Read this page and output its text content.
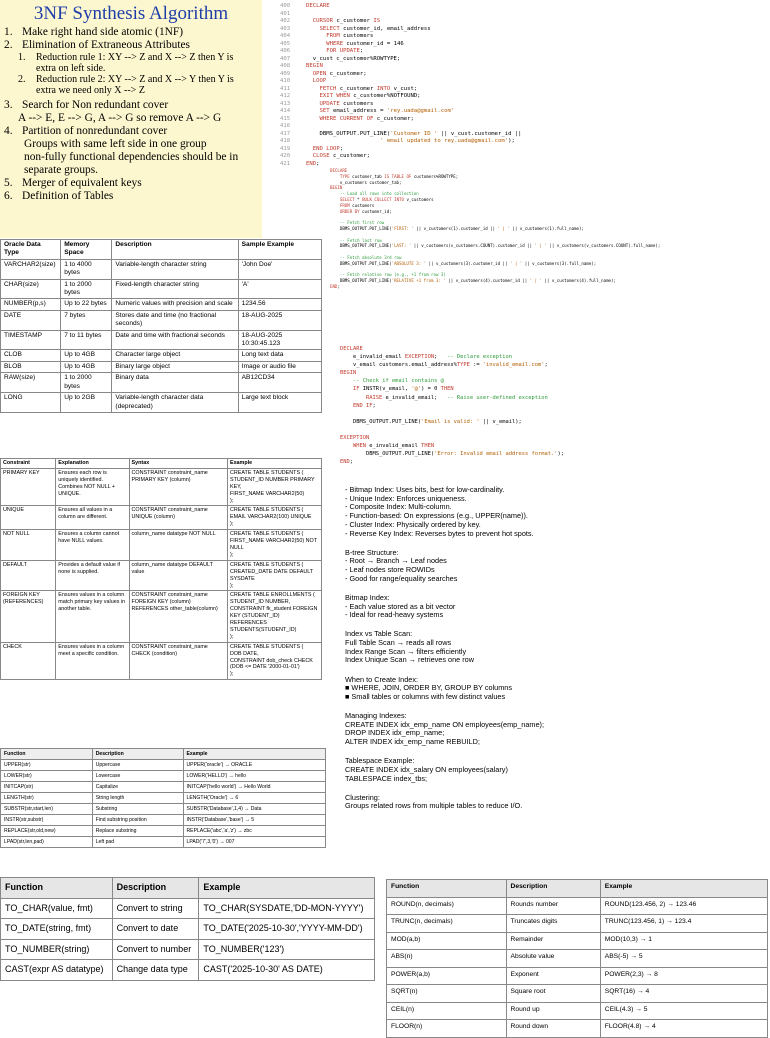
3NF Synthesis Algorithm
1. Make right hand side atomic (1NF)
2. Elimination of Extraneous Attributes
1.	Reduction rule 1: XY --> Z and X --> Z then Y is
extra on left side.
2.	Reduction rule 2: XY --> Z and X --> Y then Y is
extra we need only X --> Z
3. Search for Non redundant cover
A --> E, E --> G, A --> G so remove A --> G
4. Partition of nonredundant cover
Groups with same left side in one group
non-fully functional dependencies should be in
separate groups.
5. Merger of equivalent keys
6. Definition of Tables
400	DECLARE
401
402	CURSOR c_customer IS
403	SELECT customer_id, email_address
404	FROM customers
405	WHERE customer_id = 146
406	FOR UPDATE;
407	v_cust c_customer%ROWTYPE;
408	BEGIN
409	OPEN c_customer;
410	LOOP
411	FETCH c_customer INTO v_cust;
412	EXIT WHEN c_customer%NOTFOUND;
413	UPDATE customers
414	SET email_address = 'rey.uada@gmail.com'
415	WHERE CURRENT OF c_customer;
416
417	DBMS_OUTPUT.PUT_LINE('Customer ID ' || v_cust.customer_id ||
418	' email updated to rey.uada@gmail.com');
419	END LOOP;
420	CLOSE c_customer;
421	END;
DECLARE
TYPE customer_tab IS TABLE OF customers%ROWTYPE;
v_customers customer_tab;
BEGIN
-- Load all rows into collection
SELECT * BULK COLLECT INTO v_customers
FROM customers
ORDER BY customer_id;

-- Fetch first row
DBMS_OUTPUT.PUT_LINE('FIRST: ' || v_customers(1).customer_id || ' | ' || v_customers(1).full_name);

-- Fetch last row
DBMS_OUTPUT.PUT_LINE('LAST: ' || v_customers(v_customers.COUNT).customer_id || ' | ' || v_customers(v_customers.COUNT).full_name);

-- Fetch absolute 3rd row
DBMS_OUTPUT.PUT_LINE('ABSOLUTE 3: ' || v_customers(3).customer_id || ' | ' || v_customers(3).full_name);

-- Fetch relative row (e.g., +1 from row 3)
DBMS_OUTPUT.PUT_LINE('RELATIVE +1 from 3: ' || v_customers(4).customer_id || ' | ' || v_customers(4).full_name);
END;
DECLARE
e_invalid_email EXCEPTION;   -- Declare exception
v_email customers.email_address%TYPE := 'invalid_email.com';
BEGIN
-- Check if email contains @
IF INSTR(v_email, '@') = 0 THEN
RAISE e_invalid_email;   -- Raise user-defined exception
END IF;

DBMS_OUTPUT.PUT_LINE('Email is valid: ' || v_email);

EXCEPTION
WHEN e_invalid_email THEN
DBMS_OUTPUT.PUT_LINE('Error: Invalid email address format.');
END;
Oracle Data Type	Memory Space	Description	Sample Example
VARCHAR2(size)	1 to 4000 bytes	Variable-length character string	'John Doe'
CHAR(size)	1 to 2000 bytes	Fixed-length character string	'A'
NUMBER(p,s)	Up to 22 bytes	Numeric values with precision and scale	1234.56
DATE	7 bytes	Stores date and time (no fractional seconds)	18-AUG-2025
TIMESTAMP	7 to 11 bytes	Date and time with fractional seconds	18-AUG-2025 10:30:45.123
CLOB	Up to 4GB	Character large object	Long text data
BLOB	Up to 4GB	Binary large object	Image or audio file
RAW(size)	1 to 2000 bytes	Binary data	AB12CD34
LONG	Up to 2GB	Variable-length character data (deprecated)	Large text block
Constraint	Explanation	Syntax	Example
PRIMARY KEY	Ensures each row is uniquely identified. Combines NOT NULL + UNIQUE.	CONSTRAINT constraint_name PRIMARY KEY (column)	CREATE TABLE STUDENTS (
STUDENT_ID NUMBER PRIMARY KEY,
FIRST_NAME VARCHAR2(50)
);
UNIQUE	Ensures all values in a column are different.	CONSTRAINT constraint_name UNIQUE (column)	CREATE TABLE STUDENTS (
EMAIL VARCHAR2(100) UNIQUE
);
NOT NULL	Ensures a column cannot have NULL values.	column_name datatype NOT NULL	CREATE TABLE STUDENTS (
FIRST_NAME VARCHAR2(50) NOT NULL
);
DEFAULT	Provides a default value if none is supplied.	column_name datatype DEFAULT value	CREATE TABLE STUDENTS (
CREATED_DATE DATE DEFAULT SYSDATE
);
FOREIGN KEY (REFERENCES)	Ensures values in a column match primary key values in another table.	CONSTRAINT constraint_name FOREIGN KEY (column) REFERENCES other_table(column)	CREATE TABLE ENROLLMENTS (
STUDENT_ID NUMBER,
CONSTRAINT fk_student FOREIGN KEY (STUDENT_ID)
REFERENCES STUDENTS(STUDENT_ID)
);
CHECK	Ensures values in a column meet a specific condition.	CONSTRAINT constraint_name CHECK (condition)	CREATE TABLE STUDENTS (
DOB DATE,
CONSTRAINT dob_check CHECK (DOB <= DATE '2000-01-01')
);
Function	Description	Example
UPPER(str)	Uppercase	UPPER('oracle') → ORACLE
LOWER(str)	Lowercase	LOWER('HELLO') → hello
INITCAP(str)	Capitalize	INITCAP('hello world') → Hello World
LENGTH(str)	String length	LENGTH('Oracle') → 6
SUBSTR(str,start,len)	Substring	SUBSTR('Database',1,4) → Data
INSTR(str,substr)	Find substring position	INSTR('Database','base') → 5
REPLACE(str,old,new)	Replace substring	REPLACE('abc','a','z') → zbc
LPAD(str,len,pad)	Left pad	LPAD('7',3,'0') → 007
Function	Description	Example
TO_CHAR(value, fmt)	Convert to string	TO_CHAR(SYSDATE,'DD-MON-YYYY')
TO_DATE(string, fmt)	Convert to date	TO_DATE('2025-10-30','YYYY-MM-DD')
TO_NUMBER(string)	Convert to number	TO_NUMBER('123')
CAST(expr AS datatype)	Change data type	CAST('2025-10-30' AS DATE)
Function	Description	Example
ROUND(n, decimals)	Rounds number	ROUND(123.456, 2) → 123.46
TRUNC(n, decimals)	Truncates digits	TRUNC(123.456, 1) → 123.4
MOD(a,b)	Remainder	MOD(10,3) → 1
ABS(n)	Absolute value	ABS(-5) → 5
POWER(a,b)	Exponent	POWER(2,3) → 8
SQRT(n)	Square root	SQRT(16) → 4
CEIL(n)	Round up	CEIL(4.3) → 5
FLOOR(n)	Round down	FLOOR(4.8) → 4
- Bitmap Index: Uses bits, best for low-cardinality.
- Unique Index: Enforces uniqueness.
- Composite Index: Multi-column.
- Function-based: On expressions (e.g., UPPER(name)).
- Cluster Index: Physically ordered by key.
- Reverse Key Index: Reverses bytes to prevent hot spots.
B-tree Structure:
- Root → Branch → Leaf nodes
- Leaf nodes store ROWIDs
- Good for range/equality searches
Bitmap Index:
- Each value stored as a bit vector
- Ideal for read-heavy systems
Index vs Table Scan:
Full Table Scan → reads all rows
Index Range Scan → filters efficiently
Index Unique Scan → retrieves one row
When to Create Index:
■ WHERE, JOIN, ORDER BY, GROUP BY columns
■ Small tables or columns with few distinct values
Managing Indexes:
CREATE INDEX idx_emp_name ON employees(emp_name);
DROP INDEX idx_emp_name;
ALTER INDEX idx_emp_name REBUILD;
Tablespace Example:
CREATE INDEX idx_salary ON employees(salary)
TABLESPACE index_tbs;
Clustering:
Groups related rows from multiple tables to reduce I/O.
